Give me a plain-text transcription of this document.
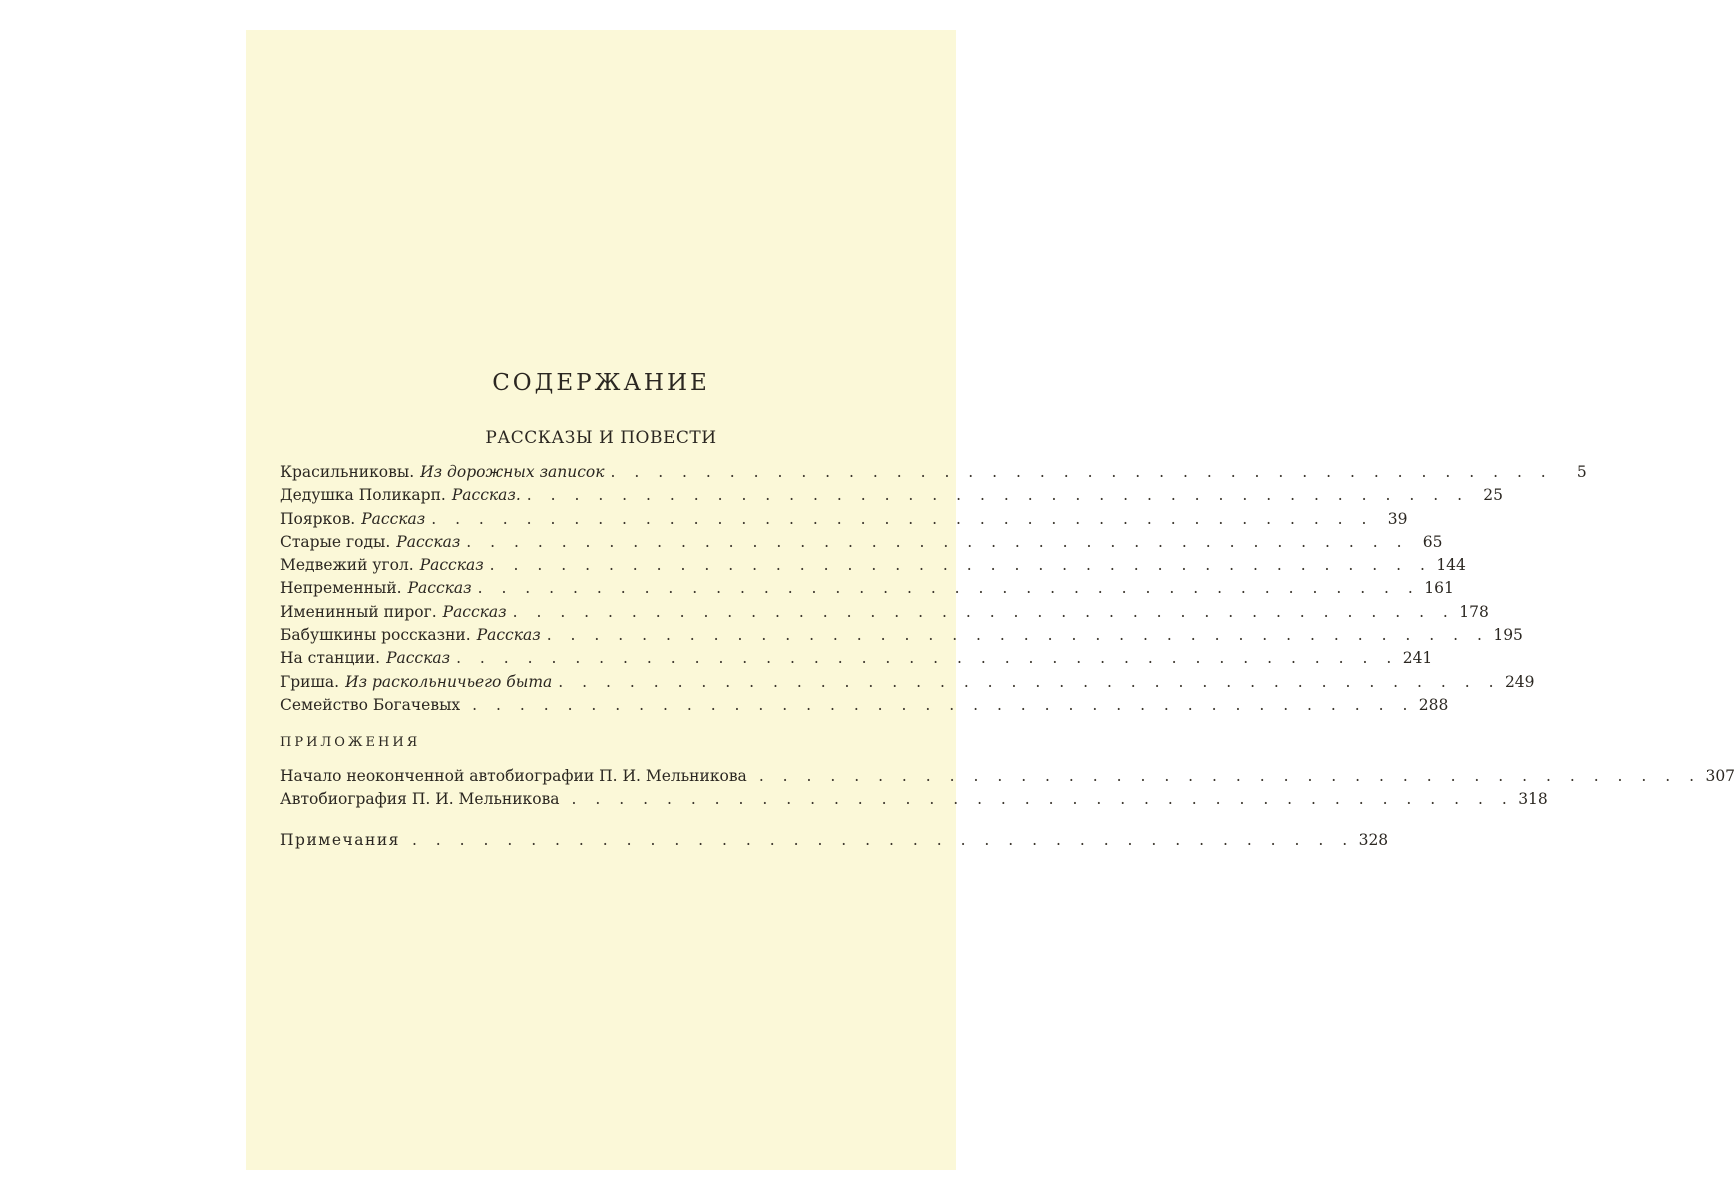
СОДЕРЖАНИЕ
РАССКАЗЫ И ПОВЕСТИ
Красильниковы. Из дорожных записок . . . . . . . . . . . . . . . . . . . . . . . . . . . . . . . . . . . . . . . .	5
Дедушка Поликарп. Рассказ. . . . . . . . . . . . . . . . . . . . . . . . . . . . . . . . . . . . . . . . . 25
Поярков. Рассказ . . . . . . . . . . . . . . . . . . . . . . . . . . . . . . . . . . . . . . . . 39
Старые годы. Рассказ . . . . . . . . . . . . . . . . . . . . . . . . . . . . . . . . . . . . . . . . 65
Медвежий угол. Рассказ . . . . . . . . . . . . . . . . . . . . . . . . . . . . . . . . . . . . . . . . 144
Непременный. Рассказ . . . . . . . . . . . . . . . . . . . . . . . . . . . . . . . . . . . . . . . . 161
Именинный пирог. Рассказ . . . . . . . . . . . . . . . . . . . . . . . . . . . . . . . . . . . . . . . . 178
Бабушкины россказни. Рассказ . . . . . . . . . . . . . . . . . . . . . . . . . . . . . . . . . . . . . . . . 195
На станции. Рассказ . . . . . . . . . . . . . . . . . . . . . . . . . . . . . . . . . . . . . . . . 241
Гриша. Из раскольничьего быта . . . . . . . . . . . . . . . . . . . . . . . . . . . . . . . . . . . . . . . . 249
Семейство Богачевых . . . . . . . . . . . . . . . . . . . . . . . . . . . . . . . . . . . . . . . . 288
ПРИЛОЖЕНИЯ
Начало неоконченной автобиографии П. И. Мельникова . . . . . . . . . . . . . . . . . . . . . . . . . . . . . . . . . . . . . . . . 307
Автобиография П. И. Мельникова . . . . . . . . . . . . . . . . . . . . . . . . . . . . . . . . . . . . . . . . 318
Примечания . . . . . . . . . . . . . . . . . . . . . . . . . . . . . . . . . . . . . . . . 328
